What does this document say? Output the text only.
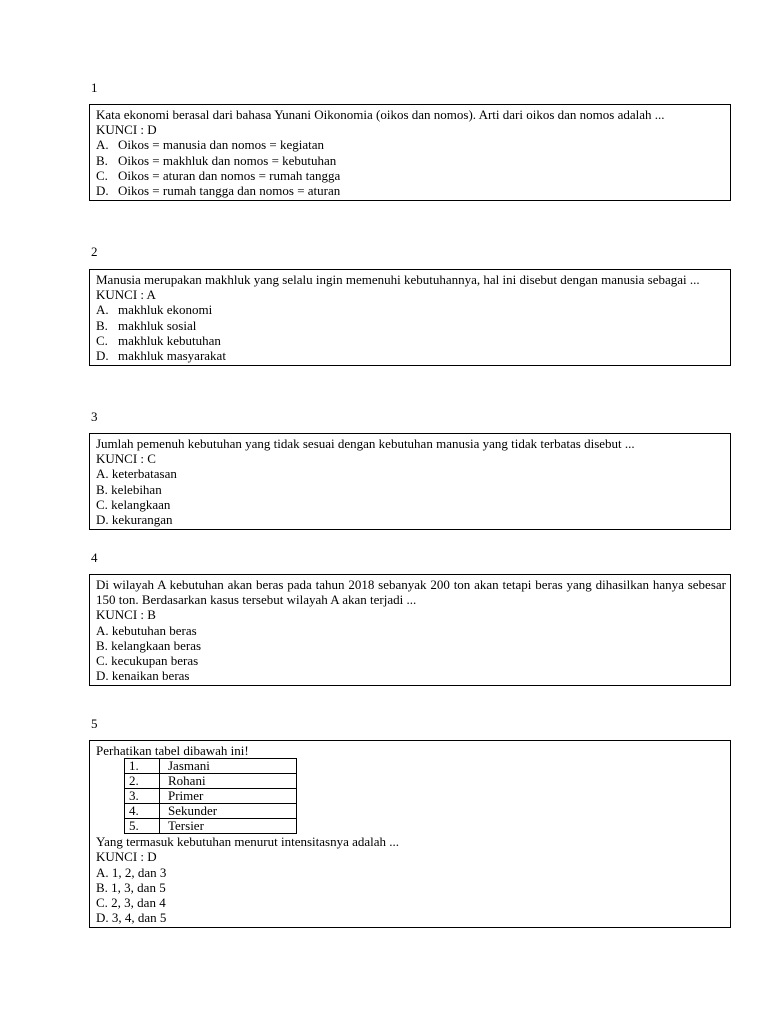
1
Kata ekonomi berasal dari bahasa Yunani Oikonomia (oikos dan nomos). Arti dari oikos dan nomos adalah ...
KUNCI : D
A. Oikos = manusia dan nomos = kegiatan
B. Oikos = makhluk dan nomos = kebutuhan
C. Oikos = aturan dan nomos = rumah tangga
D. Oikos = rumah tangga dan nomos = aturan
2
Manusia merupakan makhluk yang selalu ingin memenuhi kebutuhannya, hal ini disebut dengan manusia sebagai ...
KUNCI : A
A. makhluk ekonomi
B. makhluk sosial
C. makhluk kebutuhan
D. makhluk masyarakat
3
Jumlah pemenuh kebutuhan yang tidak sesuai dengan kebutuhan manusia yang tidak terbatas disebut ...
KUNCI : C
A. keterbatasan
B. kelebihan
C. kelangkaan
D. kekurangan
4
Di wilayah A kebutuhan akan beras pada tahun 2018 sebanyak 200 ton akan tetapi beras yang dihasilkan hanya sebesar 150 ton. Berdasarkan kasus tersebut wilayah A akan terjadi ...
KUNCI : B
A. kebutuhan beras
B. kelangkaan beras
C. kecukupan beras
D. kenaikan beras
5
Perhatikan tabel dibawah ini!
1.	Jasmani
2.	Rohani
3.	Primer
4.	Sekunder
5.	Tersier
Yang termasuk kebutuhan menurut intensitasnya adalah ...
KUNCI : D
A. 1, 2, dan 3
B. 1, 3, dan 5
C. 2, 3, dan 4
D. 3, 4, dan 5
